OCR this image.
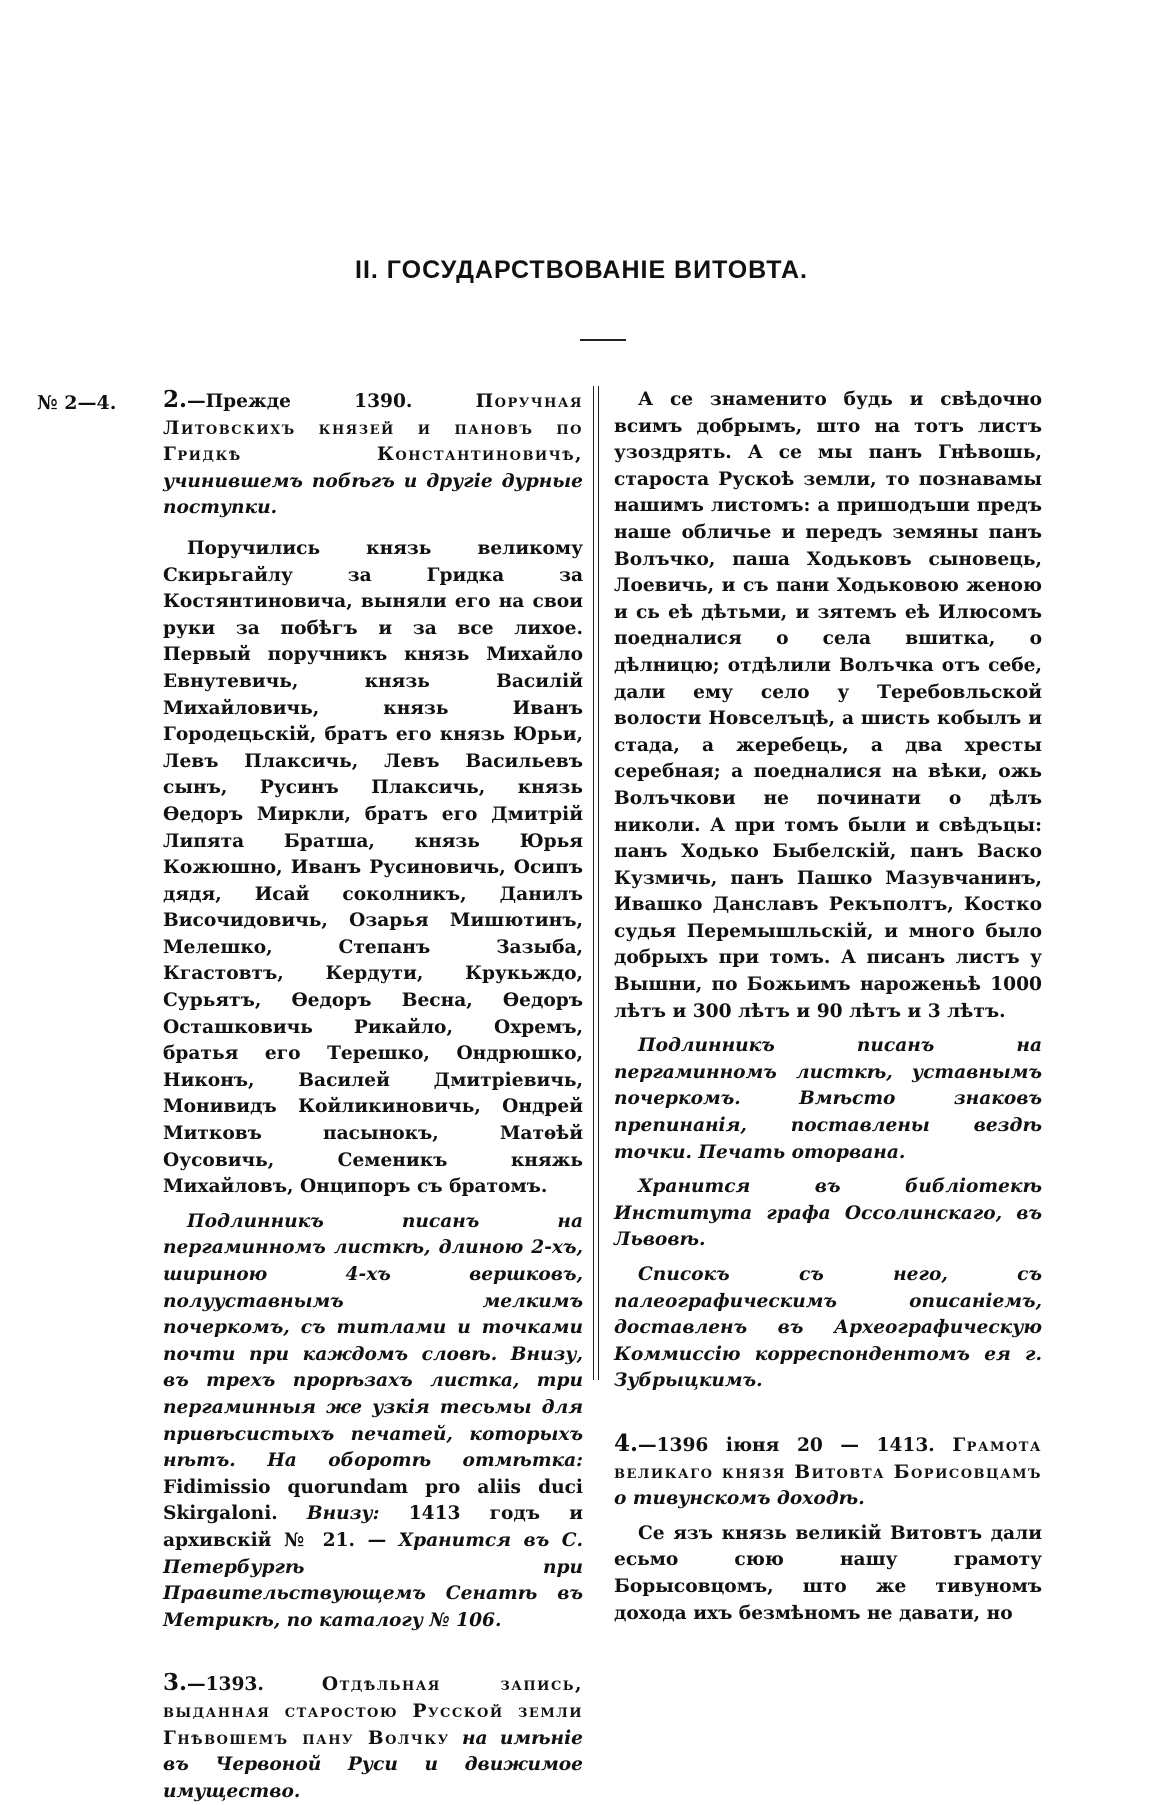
II. ГОСУДАРСТВОВАНІЕ ВИТОВТА.
№ 2—4. 2.—Прежде 1390.	Поручная Литовскихъ князей и пановъ по Гридкѣ Константиновичѣ, учинившемъ побѣгъ и другіе дурные поступки.

Поручились князь великому Скирьгайлу за Гридка за Костянтиновича, выняли его на свои руки за побѣгъ и за все лихое. Первый поручникъ князь Михайло Евнутевичь, князь Василій Михайловичь, князь Иванъ Городецьскій, братъ его князь Юрьи, Левъ Плаксичь, Левъ Васильевъ сынъ, Русинъ Плаксичь, князь Ѳедоръ Миркли, братъ его Дмитрій Липята Братша, князь Юрья Кожюшно, Иванъ Русиновичь, Осипъ дядя, Исай соколникъ, Данилъ Височидовичь, Озарья Мишютинъ, Мелешко, Степанъ Зазыба, Кгастовтъ, Кердути, Крукьждо, Сурьятъ, Ѳедоръ Весна, Ѳедоръ Осташковичь Рикайло, Охремъ, братья его Терешко, Ондрюшко, Никонъ, Василей Дмитріевичь, Монивидъ Койликиновичь, Ондрей Митковъ пасынокъ, Матѳѣй Оусовичь, Семеникъ княжь Михайловъ, Онципоръ съ братомъ.

Подлинникъ писанъ на пергаминномъ листкѣ, длиною 2-хъ, шириною 4-хъ вершковъ, полууставнымъ мелкимъ почеркомъ, съ титлами и точками почти при каждомъ словѣ. Внизу, въ трехъ прорѣзахъ листка, три пергаминныя же узкія тесьмы для привѣсистыхъ печатей, которыхъ нѣтъ. На оборотѣ отмѣтка: Fidimissio quorundam pro aliis duci Skirgaloni. Внизу: 1413 годъ и архивскій № 21. — Хранится въ С. Петербургѣ при Правительствующемъ Сенатѣ въ Метрикѣ, по каталогу № 106.

3.—1393.	Отдѣльная запись, выданная старостою Русской земли Гнѣвошемъ пану Волчку на имѣніе въ Червоной Руси и движимое имущество.

А се знаменито будь и свѣдочно всимъ добрымъ, што на тотъ листъ узоздрять. А се мы панъ Гнѣвошь, староста Рускоѣ земли, то познавамы нашимъ листомъ: а пришодъши предъ наше обличье и передъ земяны панъ Волъчко, паша Ходьковъ сыновець, Лоевичь, и съ пани Ходьковою женою и сь еѣ дѣтьми, и зятемъ еѣ Илюсомъ поедналися о села вшитка, о дѣлницю; отдѣлили Волъчка отъ себе, дали ему село у Теребовльской волости Новселъцѣ, а шисть кобылъ и стада, а жеребець, а два хресты серебная; а поедналися на вѣки, ожь Волъчкови не починати о дѣлъ николи. А при томъ были и свѣдъцы: панъ Ходько Быбелскій, панъ Васко Кузмичь, панъ Пашко Мазувчанинъ, Ивашко Данславъ Рекъполтъ, Костко судья Перемышльскій, и много было добрыхъ при томъ. А писанъ листъ у Вышни, по Божьимъ нароженьѣ 1000 лѣтъ и 300 лѣтъ и 90 лѣтъ и 3 лѣтъ.

Подлинникъ писанъ на пергаминномъ листкѣ, уставнымъ почеркомъ. Вмѣсто знаковъ препинанія, поставлены вездѣ точки. Печать оторвана.

Хранится въ библіотекѣ Института графа Оссолинскаго, въ Львовѣ.

Списокъ съ него, съ палеографическимъ описаніемъ, доставленъ въ Археографическую Коммиссію корреспондентомъ ея г. Зубрыцкимъ.

4.—1396 іюня 20 — 1413. Грамота великаго князя Витовта Борисовцамъ о тивунскомъ доходѣ.

Се язъ князь великій Витовтъ дали есьмо сюю нашу грамоту Борысовцомъ, што же тивуномъ дохода ихъ безмѣномъ не давати, но
